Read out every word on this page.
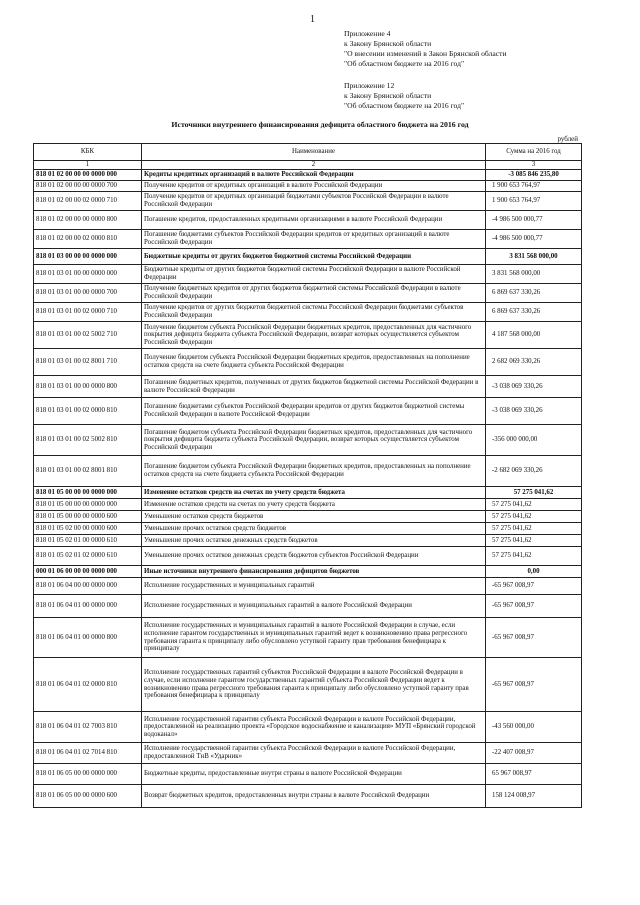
1
Приложение 4
к Закону Брянской области
"О внесении изменений в Закон Брянской области
"Об областном бюджете на 2016 год"
Приложение 12
к Закону Брянской области
"Об областном бюджете на 2016 год"
Источники внутреннего финансирования дефицита областного бюджета на 2016 год
рублей
КБК	Наименование	Сумма на 2016 год
1	2	3
818 01 02 00 00 00 0000 000	Кредиты кредитных организаций в валюте Российской Федерации	-3 085 846 235,80
818 01 02 00 00 00 0000 700	Получение кредитов от кредитных организаций в валюте Российской Федерации	1 900 653 764,97
818 01 02 00 00 02 0000 710	Получение кредитов от кредитных организаций бюджетами субъектов Российской Федерации в валюте Российской Федерации	1 900 653 764,97
818 01 02 00 00 00 0000 800	Погашение кредитов, предоставленных кредитными организациями в валюте Российской Федерации	-4 986 500 000,77
818 01 02 00 00 02 0000 810	Погашение бюджетами субъектов Российской Федерации кредитов от кредитных организаций в валюте Российской Федерации	-4 986 500 000,77
818 01 03 00 00 00 0000 000	Бюджетные кредиты от других бюджетов бюджетной системы Российской Федерации	3 831 568 000,00
818 01 03 01 00 00 0000 000	Бюджетные кредиты от других бюджетов бюджетной системы Российской Федерации в валюте Российской Федерации	3 831 568 000,00
818 01 03 01 00 00 0000 700	Получение бюджетных кредитов от других бюджетов бюджетной системы Российской Федерации в валюте Российской Федерации	6 869 637 330,26
818 01 03 01 00 02 0000 710	Получение кредитов от других бюджетов бюджетной системы Российской Федерации бюджетами субъектов Российской Федерации	6 869 637 330,26
818 01 03 01 00 02 5002 710	Получение бюджетом субъекта Российской Федерации бюджетных кредитов, предоставленных для частичного покрытия дефицита бюджета субъекта Российской Федерации, возврат которых осуществляется субъектом Российской Федерации	4 187 568 000,00
818 01 03 01 00 02 8001 710	Получение бюджетом субъекта Российской Федерации бюджетных кредитов, предоставленных на пополнение остатков средств на счете бюджета субъекта Российской Федерации	2 682 069 330,26
818 01 03 01 00 00 0000 800	Погашение бюджетных кредитов, полученных от других бюджетов бюджетной системы Российской Федерации в валюте Российской Федерации	-3 038 069 330,26
818 01 03 01 00 02 0000 810	Погашение бюджетами субъектов Российской Федерации кредитов от других бюджетов бюджетной системы Российской Федерации в валюте Российской Федерации	-3 038 069 330,26
818 01 03 01 00 02 5002 810	Погашение бюджетом субъекта Российской Федерации бюджетных кредитов, предоставленных для частичного покрытия дефицита бюджета субъекта Российской Федерации, возврат которых осуществляется субъектом Российской Федерации	-356 000 000,00
818 01 03 01 00 02 8001 810	Погашение бюджетом субъекта Российской Федерации бюджетных кредитов, предоставленных на пополнение остатков средств на счете бюджета субъекта Российской Федерации	-2 682 069 330,26
818 01 05 00 00 00 0000 000	Изменение остатков средств на счетах по учету средств бюджета	57 275 041,62
818 01 05 00 00 00 0000 000	Изменение остатков средств на счетах по учету средств бюджета	57 275 041,62
818 01 05 00 00 00 0000 600	Уменьшение остатков средств бюджетов	57 275 041,62
818 01 05 02 00 00 0000 600	Уменьшение прочих остатков средств бюджетов	57 275 041,62
818 01 05 02 01 00 0000 610	Уменьшение прочих остатков денежных средств бюджетов	57 275 041,62
818 01 05 02 01 02 0000 610	Уменьшение прочих остатков денежных средств бюджетов субъектов Российской Федерации	57 275 041,62
000 01 06 00 00 00 0000 000	Иные источники внутреннего финансирования дефицитов бюджетов	0,00
818 01 06 04 00 00 0000 000	Исполнение государственных и муниципальных гарантий	-65 967 008,97
818 01 06 04 01 00 0000 000	Исполнение государственных и муниципальных гарантий в валюте Российской Федерации	-65 967 008,97
818 01 06 04 01 00 0000 800	Исполнение государственных и муниципальных гарантий в валюте Российской Федерации в случае, если исполнение гарантом государственных и муниципальных гарантий ведет к возникновению права регрессного требования гаранта к принципалу либо обусловлено уступкой гаранту прав требования бенефициара к принципалу	-65 967 008,97
818 01 06 04 01 02 0000 810	Исполнение государственных гарантий субъектов Российской Федерации в валюте Российской Федерации в случае, если исполнение гарантом государственных гарантий субъекта Российской Федерации ведет к возникновению права регрессного требования гаранта к принципалу либо обусловлено уступкой гаранту прав требования бенефициара к принципалу	-65 967 008,97
818 01 06 04 01 02 7003 810	Исполнение государственной гарантии субъекта Российской Федерации в валюте Российской Федерации, предоставленной на реализацию проекта «Городское водоснабжение и канализация» МУП «Брянский городской водоканал»	-43 560 000,00
818 01 06 04 01 02 7014 810	Исполнение государственной гарантии субъекта Российской Федерации в валюте Российской Федерации, предоставленной ТнВ «Ударник»	-22 407 008,97
818 01 06 05 00 00 0000 000	Бюджетные кредиты, предоставленные внутри страны в валюте Российской Федерации	65 967 008,97
818 01 06 05 00 00 0000 600	Возврат бюджетных кредитов, предоставленных внутри страны в валюте Российской Федерации	158 124 008,97
